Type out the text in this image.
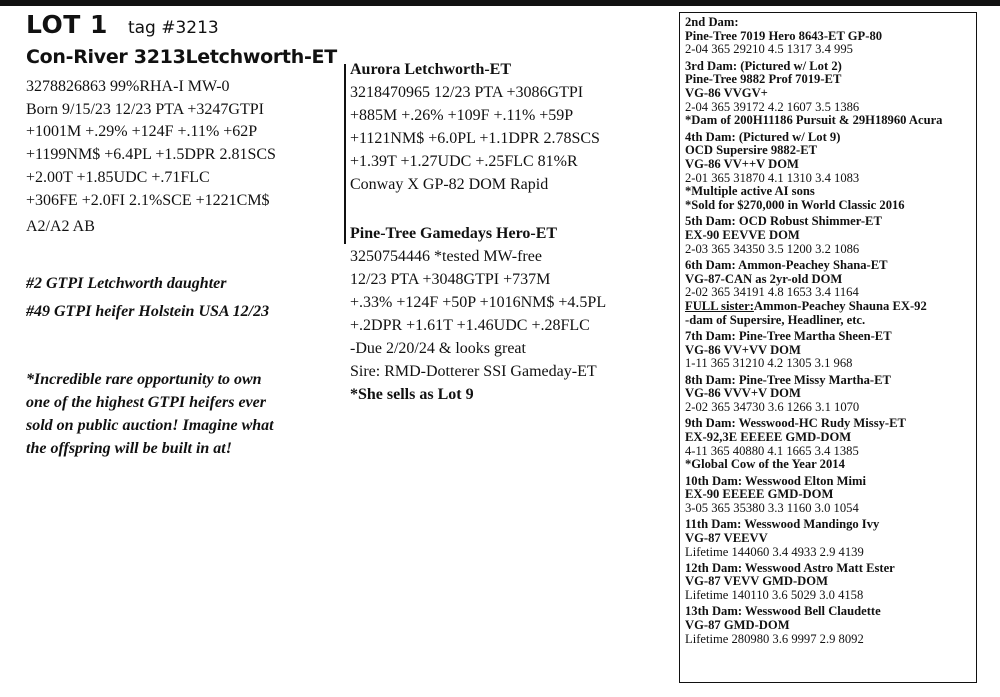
LOT 1 tag #3213
Con-River 3213Letchworth-ET
3278826863 99%RHA-I MW-0
Born 9/15/23 12/23 PTA +3247GTPI
+1001M +.29% +124F +.11% +62P
+1199NM$ +6.4PL +1.5DPR 2.81SCS
+2.00T +1.85UDC +.71FLC
+306FE +2.0FI 2.1%SCE +1221CM$
A2/A2 AB
#2 GTPI Letchworth daughter
#49 GTPI heifer Holstein USA 12/23
*Incredible rare opportunity to own
one of the highest GTPI heifers ever
sold on public auction! Imagine what
the offspring will be built in at!
Aurora Letchworth-ET
3218470965 12/23 PTA +3086GTPI
+885M +.26% +109F +.11% +59P
+1121NM$ +6.0PL +1.1DPR 2.78SCS
+1.39T +1.27UDC +.25FLC 81%R
Conway X GP-82 DOM Rapid
Pine-Tree Gamedays Hero-ET
3250754446 *tested MW-free
12/23 PTA +3048GTPI +737M
+.33% +124F +50P +1016NM$ +4.5PL
+.2DPR +1.61T +1.46UDC +.28FLC
-Due 2/20/24 & looks great
Sire: RMD-Dotterer SSI Gameday-ET
*She sells as Lot 9
2nd Dam:
Pine-Tree 7019 Hero 8643-ET GP-80
2-04 365 29210 4.5 1317 3.4 995
3rd Dam: (Pictured w/ Lot 2)
Pine-Tree 9882 Prof 7019-ET
VG-86 VVGV+
2-04 365 39172 4.2 1607 3.5 1386
*Dam of 200H11186 Pursuit & 29H18960 Acura
4th Dam: (Pictured w/ Lot 9)
OCD Supersire 9882-ET
VG-86 VV++V DOM
2-01 365 31870 4.1 1310 3.4 1083
*Multiple active AI sons
*Sold for $270,000 in World Classic 2016
5th Dam: OCD Robust Shimmer-ET
EX-90 EEVVE DOM
2-03 365 34350 3.5 1200 3.2 1086
6th Dam: Ammon-Peachey Shana-ET
VG-87-CAN as 2yr-old DOM
2-02 365 34191 4.8 1653 3.4 1164
FULL sister:Ammon-Peachey Shauna EX-92
-dam of Supersire, Headliner, etc.
7th Dam: Pine-Tree Martha Sheen-ET
VG-86 VV+VV DOM
1-11 365 31210 4.2 1305 3.1 968
8th Dam: Pine-Tree Missy Martha-ET
VG-86 VVV+V DOM
2-02 365 34730 3.6 1266 3.1 1070
9th Dam: Wesswood-HC Rudy Missy-ET
EX-92,3E EEEEE GMD-DOM
4-11 365 40880 4.1 1665 3.4 1385
*Global Cow of the Year 2014
10th Dam: Wesswood Elton Mimi
EX-90 EEEEE GMD-DOM
3-05 365 35380 3.3 1160 3.0 1054
11th Dam: Wesswood Mandingo Ivy
VG-87 VEEVV
Lifetime 144060 3.4 4933 2.9 4139
12th Dam: Wesswood Astro Matt Ester
VG-87 VEVV GMD-DOM
Lifetime 140110 3.6 5029 3.0 4158
13th Dam: Wesswood Bell Claudette
VG-87 GMD-DOM
Lifetime 280980 3.6 9997 2.9 8092
